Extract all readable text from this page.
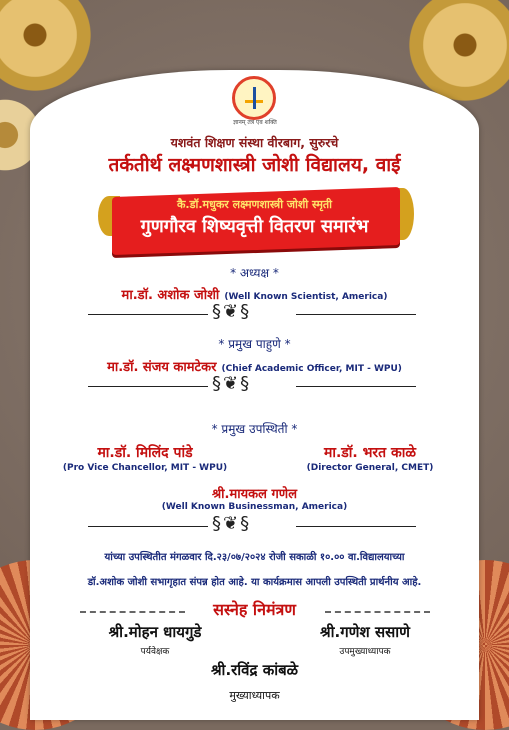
ज्ञानम् तत्र एव शक्ति
यशवंत शिक्षण संस्था वीरबाग, सुरुरचे
तर्कतीर्थ लक्ष्मणशास्त्री जोशी विद्यालय, वाई
कै.डॉ.मधुकर लक्ष्मणशास्त्री जोशी स्मृती
गुणगौरव शिष्यवृत्ती वितरण समारंभ
* अध्यक्ष *
मा.डॉ. अशोक जोशी (Well Known Scientist, America)
§❦§
* प्रमुख पाहुणे *
मा.डॉ. संजय कामटेकर (Chief Academic Officer, MIT - WPU)
§❦§
* प्रमुख उपस्थिती *
मा.डॉ. मिलिंद पांडे
(Pro Vice Chancellor, MIT - WPU)
मा.डॉ. भरत काळे
(Director General, CMET)
श्री.मायकल गणेल
(Well Known Businessman, America)
§❦§
यांच्या उपस्थितीत मंगळवार दि.२३/०७/२०२४ रोजी सकाळी १०.०० वा.विद्यालयाच्या
डॉ.अशोक जोशी सभागृहात संपन्न होत आहे. या कार्यक्रमास आपली उपस्थिती प्रार्थनीय आहे.
सस्नेह निमंत्रण
श्री.मोहन धायगुडे
पर्यवेक्षक
श्री.गणेश ससाणे
उपमुख्याध्यापक
श्री.रविंद्र कांबळे
मुख्याध्यापक
